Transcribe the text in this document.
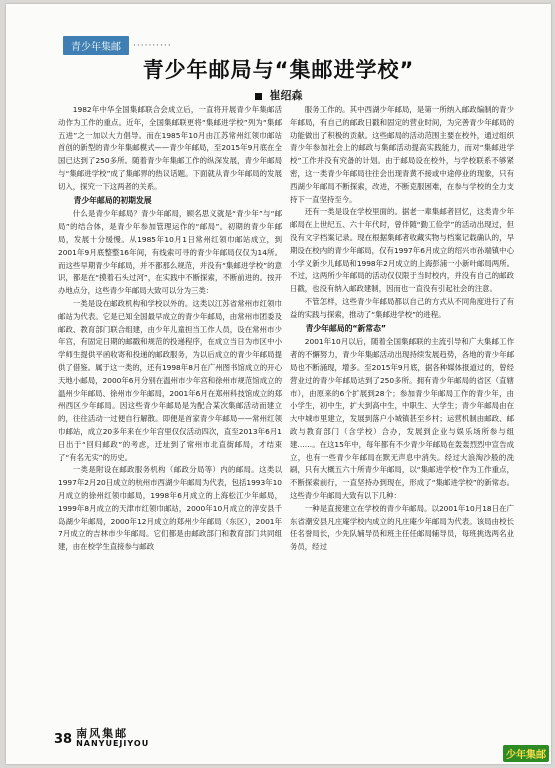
青少年集邮	··········
青少年邮局与“集邮进学校”
崔绍森

1982年中华全国集邮联合会成立后，一直将开展青少年集邮活动作为工作的重点。近年，全国集邮联更将“集邮进学校”列为“集邮五进”之一加以大力倡导。而在1985年10月由江苏常州红领巾邮站首创的新型的青少年集邮模式——青少年邮局，至2015年9月底在全国已达到了250多所。随着青少年集邮工作的纵深发展，青少年邮局与“集邮进学校”成了集邮界的热议话题。下面就从青少年邮局的发展切入，探究一下这两者的关系。

青少年邮局的初期发展

什么是青少年邮局？青少年邮局，顾名思义就是“青少年”与“邮局”的结合体，是青少年参加管理运作的“邮局”。初期的青少年邮局，发展十分缓慢。从1985年10月1日常州红领巾邮站成立，到2001年9月底整整16年间，有线索可寻的青少年邮局仅仅为14所。而这些早期青少年邮局，并不都那么规范，并没有“集邮进学校”的意识，都是在“摸着石头过河”，在实践中不断探索，不断前进的。按开办地点分，这些青少年邮局大致可以分为三类：

一类是设在邮政机构和学校以外的。这类以江苏省常州市红领巾邮站为代表。它是已知全国最早成立的青少年邮局，由常州市团委及邮政、教育部门联合组建，由少年儿童担当工作人员，设在常州市少年宫，有固定日期的邮戳和规范的投递程序，在成立当日为市区中小学师生提供平函收寄和投递的邮政服务，为以后成立的青少年邮局提供了借鉴。属于这一类的，还有1998年8月在广州图书馆成立的开心天地小邮局，2000年6月分别在温州市少年宫和徐州市规范馆成立的温州少年邮局、徐州市少年邮局，2001年6月在郑州科技馆成立的郑州西区少年邮局。因这些青少年邮局是为配合某次集邮活动而建立的，往往活动一过便自行解散。即便是首家青少年邮局——常州红领巾邮站，成立20多年来在少年宫里仅仅活动四次，直至2013年6月1日出于“回归邮政”的考虑，迁址到了常州市北直街邮局，才结束了“有名无实”的历史。

一类是附设在邮政服务机构（邮政分局等）内的邮局。这类以1997年2月20日成立的杭州市西湖少年邮局为代表，包括1993年10月成立的徐州红领巾邮局，1998年6月成立的上海松江少年邮局，1999年8月成立的天津市红领巾邮站，2000年10月成立的淳安县千岛湖少年邮局，2000年12月成立的郑州少年邮局（东区），2001年7月成立的吉林市少年邮局。它们都是由邮政部门和教育部门共同组建，由在校学生直接参与邮政

服务工作的。其中西湖少年邮局，是第一所纳入邮政编制的青少年邮局，有自己的邮政日戳和固定的营业时间，为完善青少年邮局的功能做出了积极的贡献。这些邮局的活动范围主要在校外，通过组织青少年参加社会上的邮政与集邮活动提高实践能力，而对“集邮进学校”工作并没有究备的计划。由于邮局设在校外，与学校联系不够紧密，这一类青少年邮局往往会出现青黄不接或中途停业的现象，只有西湖少年邮局不断探索，改进，不断克服困难，在参与学校的全力支持下一直坚持至今。

还有一类是设在学校里面的。据老一辈集邮者回忆，这类青少年邮局在上世纪五、六十年代时，曾伴随“勤工俭学”的活动出现过，但没有文字档案记录。现在根据集邮者收藏实物与档案记载确认的，早期设在校内的青少年邮局，仅有1997年6月成立的绍兴市孙端镇中心小学义新少儿邮局和1998年2月成立的上海彭浦一小新叶邮局两所。不过，这两所少年邮局的活动仅仅限于当时校内，并没有自己的邮政日戳，也没有纳入邮政建制，因而也一直没有引起社会的注意。

不管怎样，这些青少年邮局都以自己的方式从不同角度进行了有益的实践与探索，推动了“集邮进学校”的进程。

青少年邮局的“新常态”

2001年10月以后，随着全国集邮联的主流引导和广大集邮工作者的不懈努力，青少年集邮活动出现持续发展趋势，各地的青少年邮局也不断涌现，增多。至2015年9月底，据各种媒体报道过的，曾经营业过的青少年邮局达到了250多所。拥有青少年邮局的省区（直辖市），由原来的6个扩展到28个；参加青少年邮局工作的青少年，由小学生，初中生，扩大到高中生，中职生、大学生；青少年邮局由在大中城市里建立，发展到落户小城镇甚至乡村；运营机制由邮政、邮政与教育部门（含学校）合办，发展到企业与娱乐场所参与组建……。在这15年中，每年都有不少青少年邮局在轰轰烈烈中宣告成立，也有一些青少年邮局在默无声息中消失。经过大浪淘沙般的洗刷，只有大概五六十所青少年邮局，以“集邮进学校”作为工作重点，不断探索前行，一直坚持办到现在，形成了“集邮进学校”的新常态。这些青少年邮局大致有以下几种：

一种是直接建立在学校的青少年邮局。以2001年10月18日在广东省潮安县凡庄庵学校内成立的凡庄庵少年邮局为代表。该局由校长任名誉局长，少先队辅导员和班主任任邮局辅导员，每班挑选两名业务员，经过

38 南风集邮
NANYUEJIYOU
少年集邮
